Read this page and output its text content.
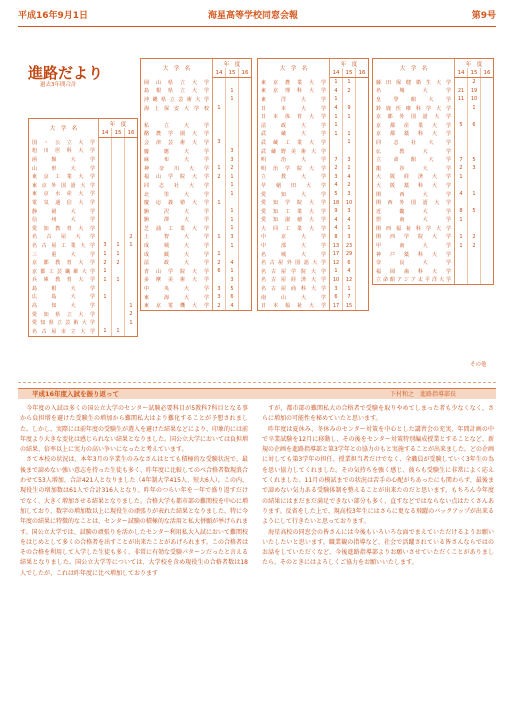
平成16年9月1日	海星高等学校同窓会報	第9号
進路だより
過去3年間合計
大　学　名	年　度		
	14	15	16
国・公立大学			
旭川医科大学			
函館大学			
山形大学			
東京工業大学			
東京外国語大学			
東京水産大学			
電気通信大学			
静岡大学			
信州大学			
愛知教育大学			
名古屋大学			2
名古屋工業大学	3	1	1
三重大学	1	1	
京都教育大学	2	2	
京都工芸繊維大学	1		
兵庫教育大学	1	1	
島根大学			
広島大学	1		
高知大学			1
愛知県立大学			2
愛知県立芸術大学			1
名古屋市立大学	1	1	
大　学　名	年　度		
	14	15	16
岡山県立大学			
島根県立大学		1	
沖縄県立芸術大学		1	
海上保安大学校	1		

私立大学			
酪農学園大学			
会津芸術大学	3		
慶應大学		3	
麻布大学		3	
神奈川大学	1	2	
福山学院大学	2	1	
同志社大学		1	
北里大学		1	
慶応義塾大学	1		
駒沢大学		1	
駒澤大学		1	
芝浦工業大学		1	
上智大学	1	3	
成城大学		1	
成蹊大学	1		
法政大学	2	4	
青山学院大学	6	1	
多摩美術大学		3	
中央大学	3	5	
東海大学	3	6	
東京電機大学	2	4	
大　学　名	年　度		
	14	15	16
東京農業大学	1	1	
東京理科大学	4	2	
東洋大学	1		
日本大学	4	9	
日本体育大学	1	1	
法政大学	1		
武蔵大学	1	1	
武蔵工業大学		1	
武蔵野美術大学			
明治大学	7	3	
明治学院大学	2	1	
立教大学	3	4	
早稲田大学	4	2	
愛知大学	5	3	
愛知学院大学	18	10	
愛知工業大学	9	3	
愛知淑徳大学	4	4	
大同工業大学	4	1	
中京大学	8	3	
中部大学	13	23	
名城大学	17	29	
名古屋外国語大学	12	6	
名古屋学院大学	1	4	
名古屋経済大学	10	12	
名古屋商科大学	3	1	
南山大学	6	7	
日本福祉大学	17	15	
大　学　名	年　度		
	14	15	16
藤田保健衛生大学		2	
名城大学	21	19	
皇學館大学	11	10	
鈴鹿医療科学大学		1	
京都外国語大学			
京都産業大学	5	6	
京都薬科大学			
同志社大学			
仏教大学			
立命館大学	7	5	
龍谷大学	2	3	
大阪経済大学	1		
大阪薬科大学			
関西大学	4	1	
関西外国語大学			
近畿大学	8	5	
摂南大学	1		
関西福祉科学大学			
関西学院大学	1	2	
甲南大学	1	2	
神戸薬科大学			
奈良大学			
福岡歯科大学			
立命館アジア太平洋大学			
その他
平成16年度入試を振り返って	下村和之　進路指導部長

　今年度の入試は多くの国公立大学のセンター試験必要科目が5教科7科目となる事から負担増を避けた受験生の増加から難関私大はより難化することが予想されました。しかし、実際には前年度の受験生が選入を避けた結果などにより、印象的には前年度より大きな変化は感じられない結果となりました。国公立大学においては負担増の結果、倍率以上に実力の高い争いになったと考えています。

　さて本校の状況は、本年3月の卒業生のみなさんはとても積極的な受験状況で、最後まで諦めない強い意志を持った生徒も多く、昨年度に比較してのべ合格者数現浪合わせて53人増加、合計421人となりました（4年制大学415人、短大6人）。この内、現役生の増加数は61人で合計316人となり、昨年のつらい年を一年で盛り返すだけでなく、大きく増加させる結果となりました。合格大学も都市部の難関校を中心に増加しており、数字の増加数以上に現役生の頑張りが表れた結果となりました。特に今年度の結果に特徴的なことは、センター試験の積極的な活用と私大併願が挙げられます。国公立大学では、試験の頑張りを活かしたセンター利用私大入試において難関校をはじめとして多くの合格者を出すことが出来たことがあげられます。この合格者はその合格を利用して入学した生徒も多く、非常に有効な受験パターンだったと言える結果となりました。国公立大学等については、大学校を含め現役生の合格者数は18人でしたが、これは昨年度に比べ増加しております

　すが、都市部の難関私大の合格者で受験を取りやめてしまった者も少なくなく、さらに増加の可能性を秘めていたと思います。

　昨年度は夏休み、冬休みのセンター対策を中心とした講習会の充実、年間計画の中で卒業試験を12月に移動し、その後をセンター対策特別編成授業とすることなど、新規の企画を進路指導部と第3学年との協力のもと実施することが出来ました。どの企画に対しても第3学年の担任、授業担当者だけでなく、全職員が受験していく3年生の為を思い協力してくれました。その気持ちを強く感じ、彼らも受験生に非常によく応えてくれました。11月の模試までの状況は苦手の心配がちあったにも関わらず、最後まで諦めない気力ある受験体制を整えることが出来たのだと思います。もちろん今年度の結果にはまだまだ満足できない部分も多く、直すなどではならない点はたくさんあります。反省をした上で、現高校3年生にはさらに更なる飛躍のバックアップが出来るようにして行きたいと思っております。

　海星高校の同窓会の皆さんには今後もいろいろな面でまえていただけるようお願いいたしたいと思います。職業観の指導など、社会で活躍されている皆さんならではのお話をしていただくなど、今後進路指導部よりお願いさせていただくことがありましたら、そのときにはよろしくご協力をお願いいたします。
